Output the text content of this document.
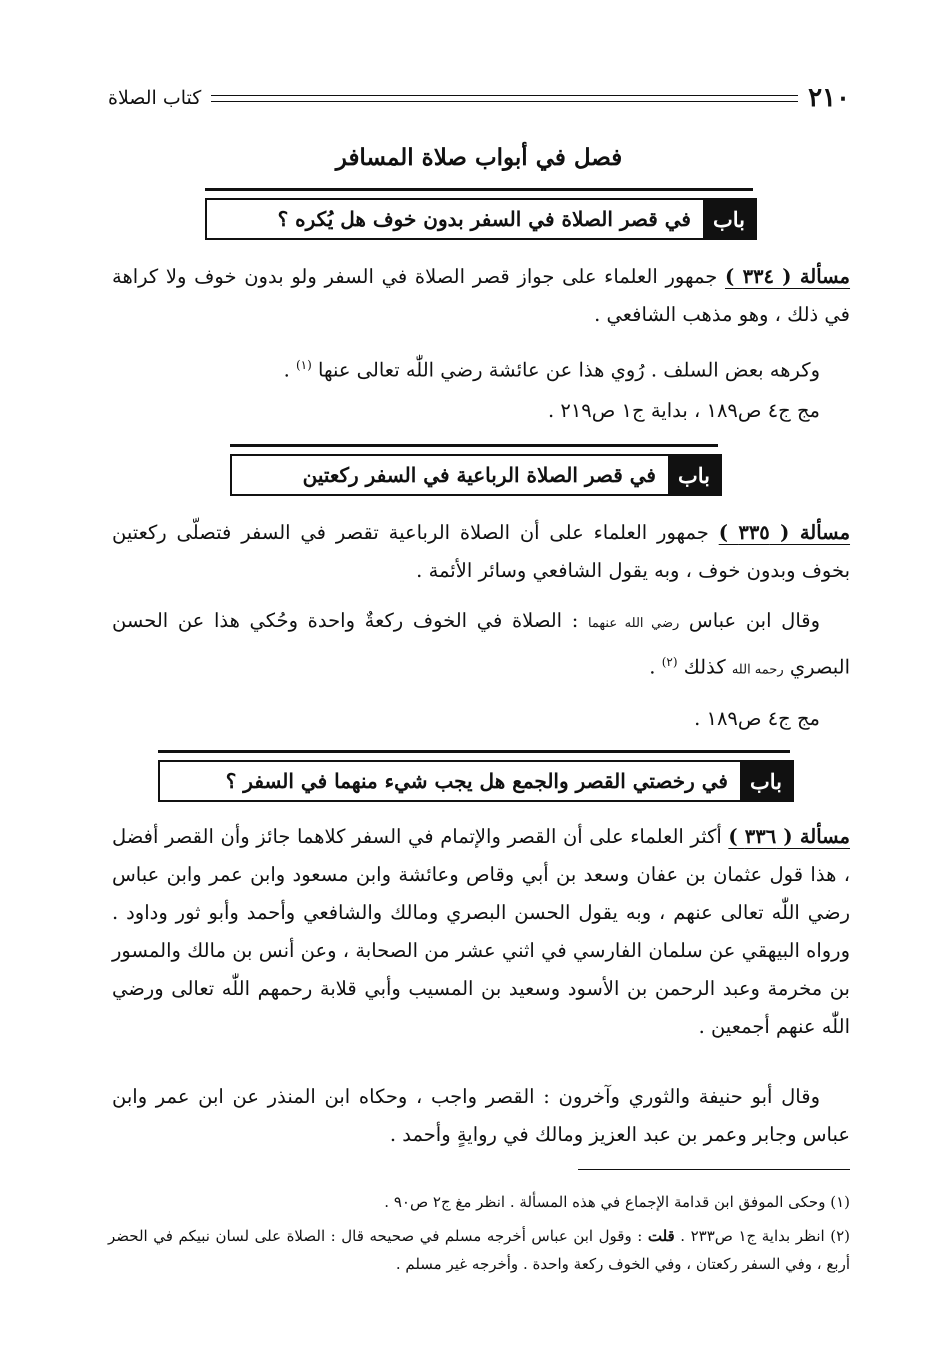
٢١٠
كتاب الصلاة
فصل في أبواب صلاة المسافر
باب
في قصر الصلاة في السفر بدون خوف هل يُكره ؟
مسألة ( ٣٣٤ ) جمهور العلماء على جواز قصر الصلاة في السفر ولو بدون خوف ولا كراهة في ذلك ، وهو مذهب الشافعي .
وكرهه بعض السلف . رُوي هذا عن عائشة رضي اللّٰه تعالى عنها $^{(١)}$ .
مج ج٤ ص١٨٩ ، بداية ج١ ص٢١٩ .
باب
في قصر الصلاة الرباعية في السفر ركعتين
مسألة ( ٣٣٥ ) جمهور العلماء على أن الصلاة الرباعية تقصر في السفر فتصلّى ركعتين بخوف وبدون خوف ، وبه يقول الشافعي وسائر الأئمة .
وقال ابن عباس رضي الله عنهما : الصلاة في الخوف ركعةٌ واحدة وحُكي هذا عن الحسن البصري رحمه الله كذلك $^{(٢)}$ .
مج ج٤ ص١٨٩ .
باب
في رخصتي القصر والجمع هل يجب شيء منهما في السفر ؟
مسألة ( ٣٣٦ ) أكثر العلماء على أن القصر والإتمام في السفر كلاهما جائز وأن القصر أفضل ، هذا قول عثمان بن عفان وسعد بن أبي وقاص وعائشة وابن مسعود وابن عمر وابن عباس رضي اللّٰه تعالى عنهم ، وبه يقول الحسن البصري ومالك والشافعي وأحمد وأبو ثور وداود . ورواه البيهقي عن سلمان الفارسي في اثني عشر من الصحابة ، وعن أنس بن مالك والمسور بن مخرمة وعبد الرحمن بن الأسود وسعيد بن المسيب وأبي قلابة رحمهم اللّٰه تعالى ورضي اللّٰه عنهم أجمعين .
وقال أبو حنيفة والثوري وآخرون : القصر واجب ، وحكاه ابن المنذر عن ابن عمر وابن عباس وجابر وعمر بن عبد العزيز ومالك في روايةٍ وأحمد .
(١) وحكى الموفق ابن قدامة الإجماع في هذه المسألة . انظر مغ ج٢ ص٩٠ .
(٢) انظر بداية ج١ ص٢٣٣ . قلت : وقول ابن عباس أخرجه مسلم في صحيحه قال : الصلاة على لسان نبيكم في الحضر أربع ، وفي السفر ركعتان ، وفي الخوف ركعة واحدة . وأخرجه غير مسلم .
